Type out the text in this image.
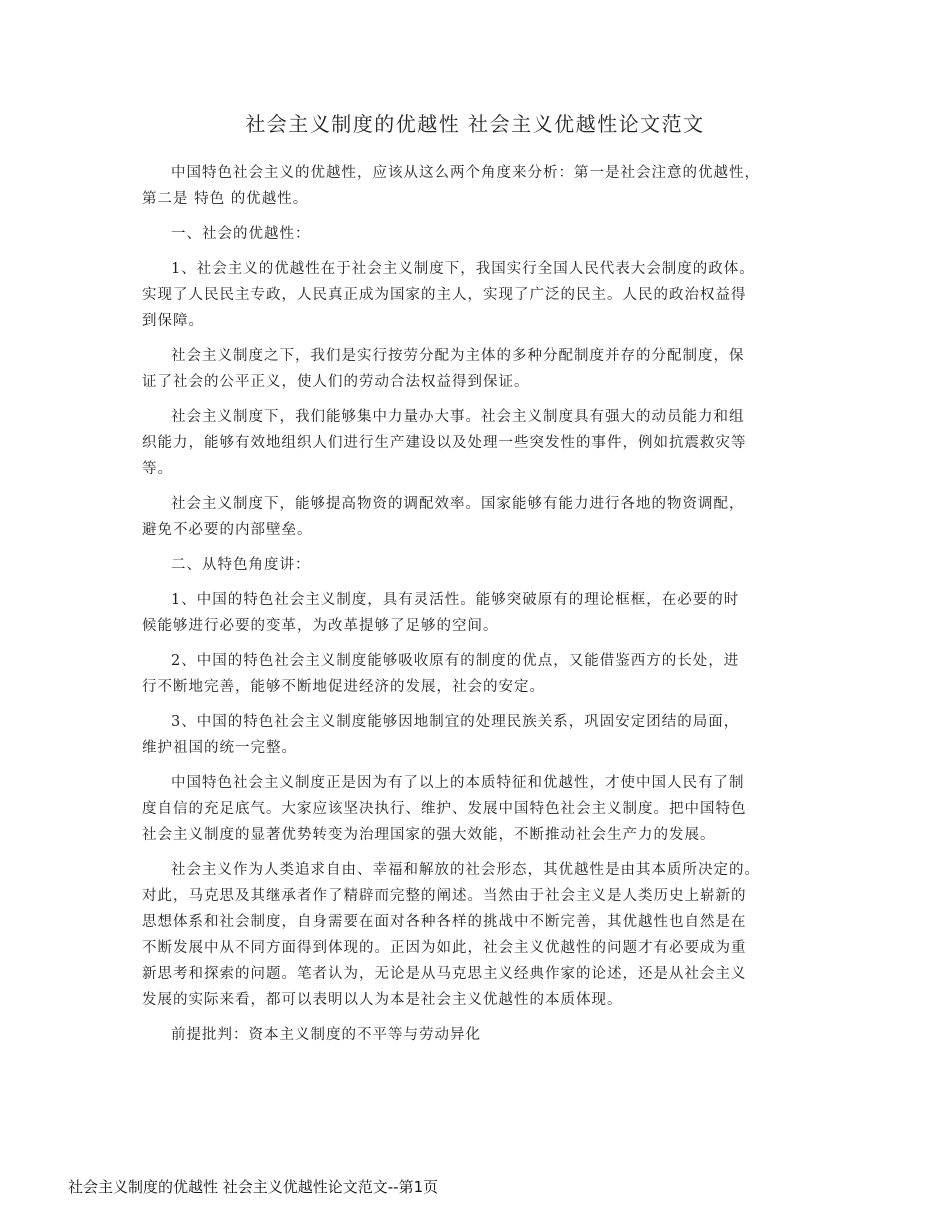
社会主义制度的优越性 社会主义优越性论文范文
中国特色社会主义的优越性，应该从这么两个角度来分析：第一是社会注意的优越性，
第二是 特色 的优越性。
一、社会的优越性：
1、社会主义的优越性在于社会主义制度下，我国实行全国人民代表大会制度的政体。
实现了人民民主专政，人民真正成为国家的主人，实现了广泛的民主。人民的政治权益得
到保障。
社会主义制度之下，我们是实行按劳分配为主体的多种分配制度并存的分配制度，保
证了社会的公平正义，使人们的劳动合法权益得到保证。
社会主义制度下，我们能够集中力量办大事。社会主义制度具有强大的动员能力和组
织能力，能够有效地组织人们进行生产建设以及处理一些突发性的事件，例如抗震救灾等
等。
社会主义制度下，能够提高物资的调配效率。国家能够有能力进行各地的物资调配，
避免不必要的内部壁垒。
二、从特色角度讲：
1、中国的特色社会主义制度，具有灵活性。能够突破原有的理论框框，在必要的时
候能够进行必要的变革，为改革提够了足够的空间。
2、中国的特色社会主义制度能够吸收原有的制度的优点，又能借鉴西方的长处，进
行不断地完善，能够不断地促进经济的发展，社会的安定。
3、中国的特色社会主义制度能够因地制宜的处理民族关系，巩固安定团结的局面，
维护祖国的统一完整。
中国特色社会主义制度正是因为有了以上的本质特征和优越性，才使中国人民有了制
度自信的充足底气。大家应该坚决执行、维护、发展中国特色社会主义制度。把中国特色
社会主义制度的显著优势转变为治理国家的强大效能，不断推动社会生产力的发展。
社会主义作为人类追求自由、幸福和解放的社会形态，其优越性是由其本质所决定的。
对此，马克思及其继承者作了精辟而完整的阐述。当然由于社会主义是人类历史上崭新的
思想体系和社会制度，自身需要在面对各种各样的挑战中不断完善，其优越性也自然是在
不断发展中从不同方面得到体现的。正因为如此，社会主义优越性的问题才有必要成为重
新思考和探索的问题。笔者认为，无论是从马克思主义经典作家的论述，还是从社会主义
发展的实际来看，都可以表明以人为本是社会主义优越性的本质体现。
前提批判：资本主义制度的不平等与劳动异化
社会主义制度的优越性 社会主义优越性论文范文--第1页
